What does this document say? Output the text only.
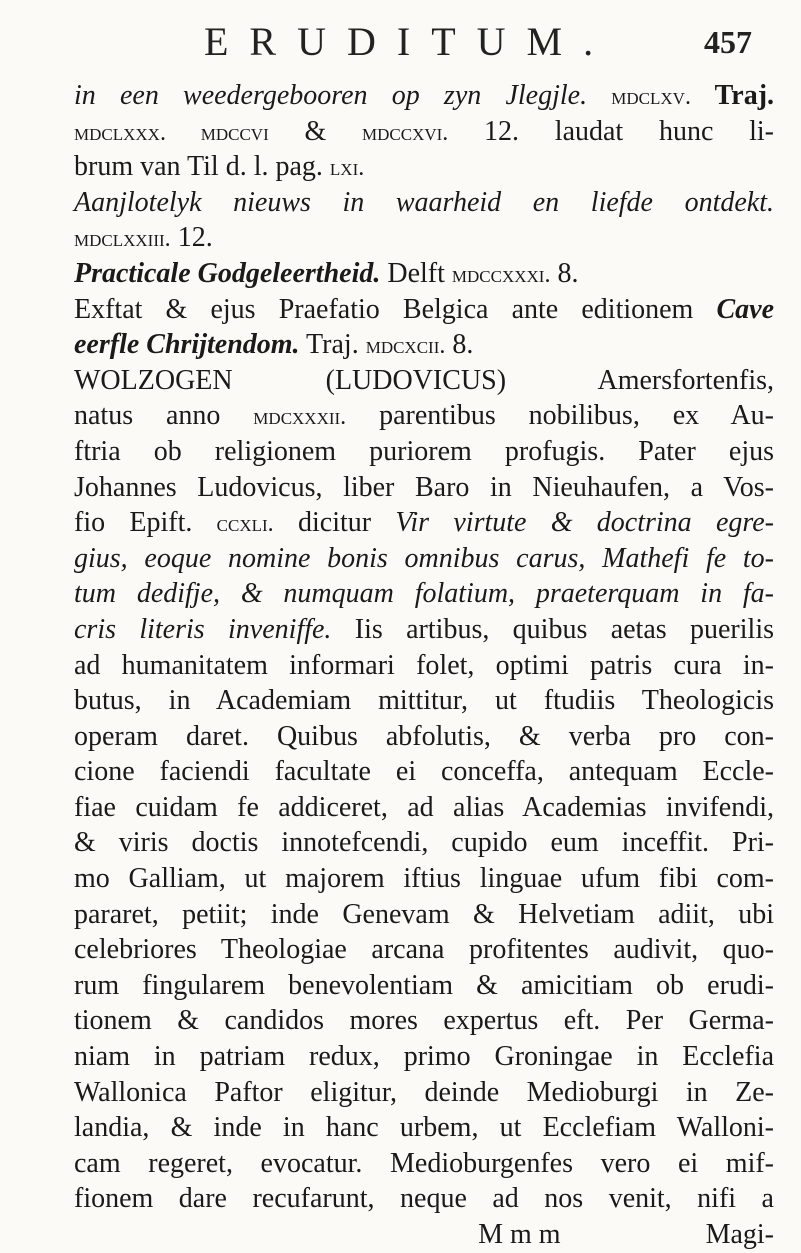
ERUDITUM.	457
in een weedergebooren op zyn Jlegjle. mdclxv. Traj.
mdclxxx. mdccvi & mdccxvi. 12. laudat hunc li-
brum van Til d. l. pag. lxi.
Aanjlotelyk nieuws in waarheid en liefde ontdekt.
mdclxxiii. 12.
Practicale Godgeleertheid. Delft mdccxxxi. 8.
Exftat & ejus Praefatio Belgica ante editionem Cave
eerfle Chrijtendom. Traj. mdcxcii. 8.
WOLZOGEN (LUDOVICUS) Amersfortenfis,
natus anno mdcxxxii. parentibus nobilibus, ex Au-
ftria ob religionem puriorem profugis. Pater ejus
Johannes Ludovicus, liber Baro in Nieuhaufen, a Vos-
fio Epift. ccxli. dicitur Vir virtute & doctrina egre-
gius, eoque nomine bonis omnibus carus, Mathefi fe to-
tum dedifje, & numquam folatium, praeterquam in fa-
cris literis inveniffe. Iis artibus, quibus aetas puerilis
ad humanitatem informari folet, optimi patris cura in-
butus, in Academiam mittitur, ut ftudiis Theologicis
operam daret. Quibus abfolutis, & verba pro con-
cione faciendi facultate ei conceffa, antequam Eccle-
fiae cuidam fe addiceret, ad alias Academias invifendi,
& viris doctis innotefcendi, cupido eum inceffit. Pri-
mo Galliam, ut majorem iftius linguae ufum fibi com-
pararet, petiit; inde Genevam & Helvetiam adiit, ubi
celebriores Theologiae arcana profitentes audivit, quo-
rum fingularem benevolentiam & amicitiam ob erudi-
tionem & candidos mores expertus eft. Per Germa-
niam in patriam redux, primo Groningae in Ecclefia
Wallonica Paftor eligitur, deinde Medioburgi in Ze-
landia, & inde in hanc urbem, ut Ecclefiam Walloni-
cam regeret, evocatur. Medioburgenfes vero ei mif-
fionem dare recufarunt, neque ad nos venit, nifi a
M m m	Magi-
